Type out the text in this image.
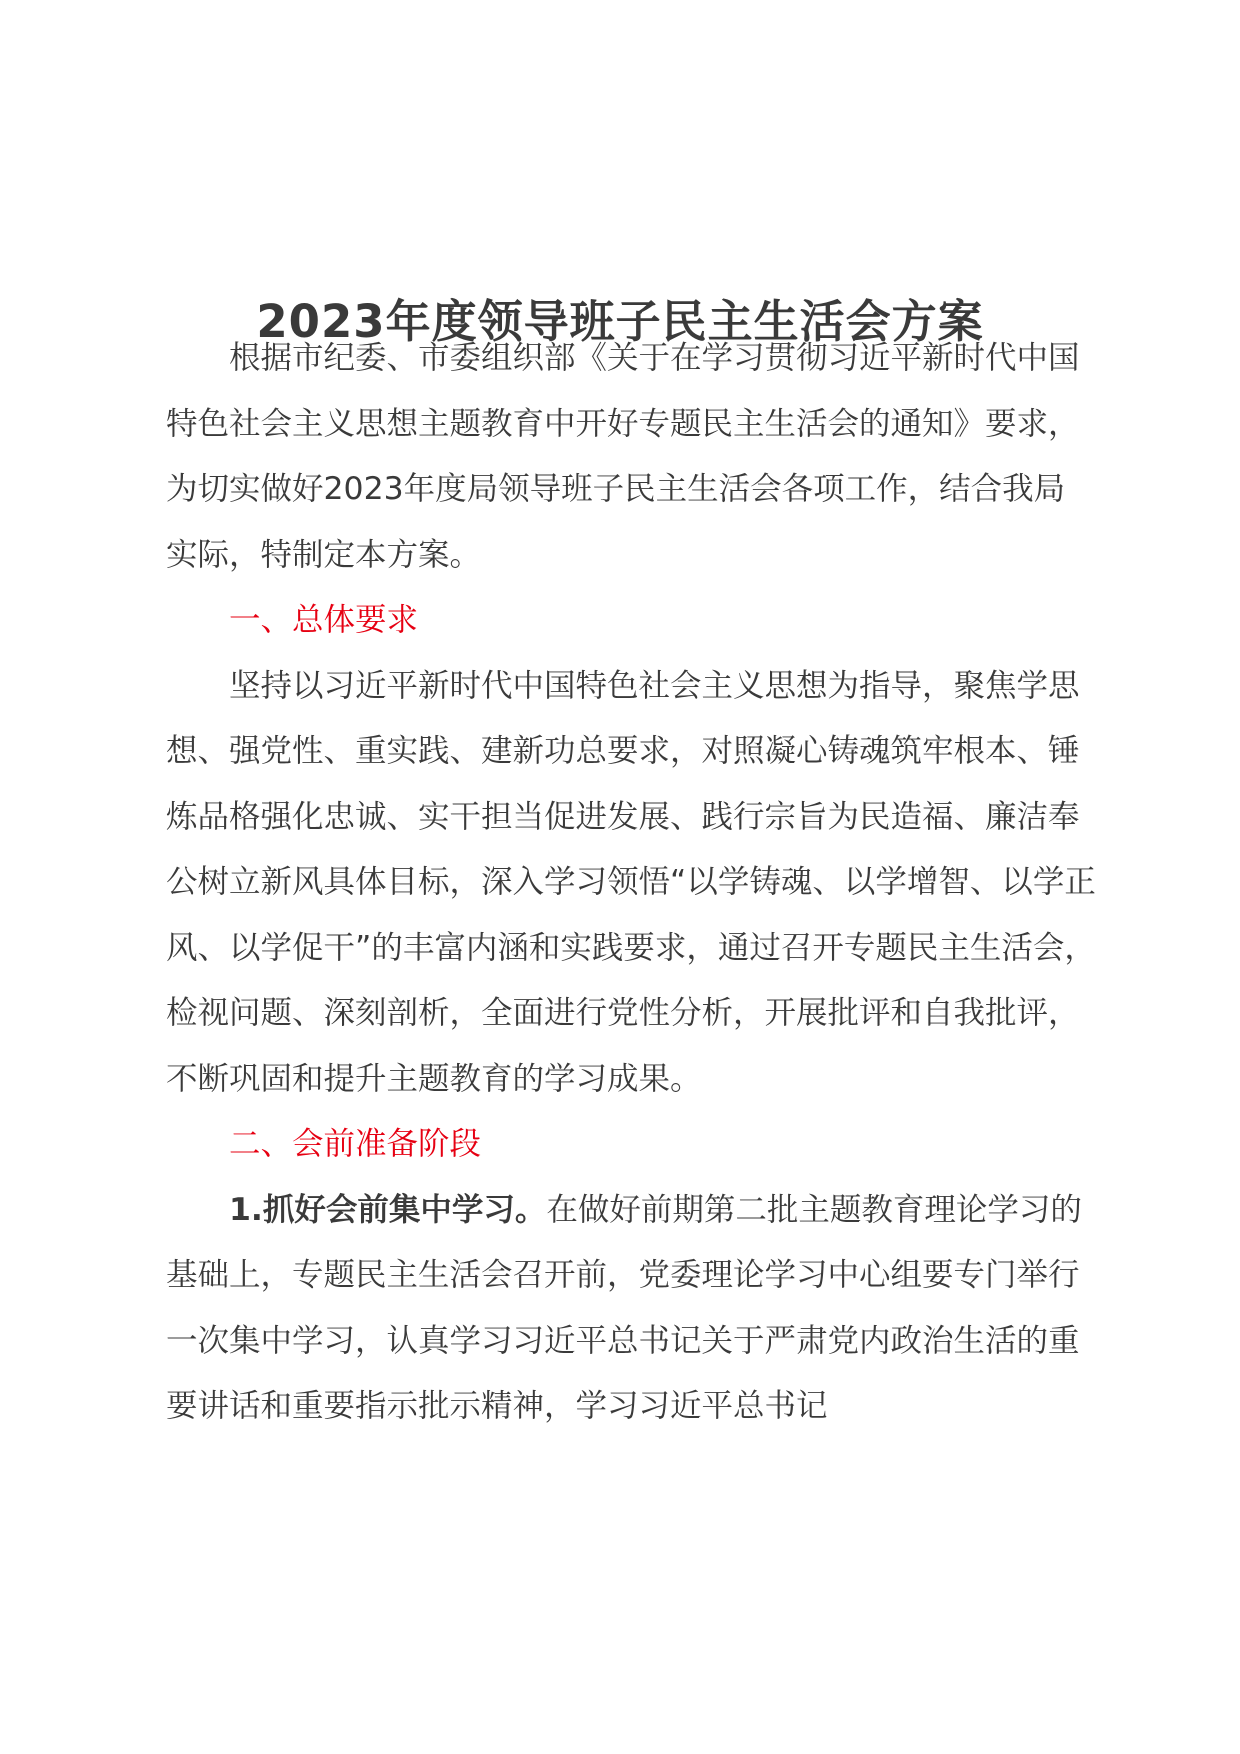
2023年度领导班子民主生活会方案

根据市纪委、市委组织部《关于在学习贯彻习近平新时代中国特色社会主义思想主题教育中开好专题民主生活会的通知》要求，为切实做好2023年度局领导班子民主生活会各项工作，结合我局实际，特制定本方案。

一、总体要求

坚持以习近平新时代中国特色社会主义思想为指导，聚焦学思想、强党性、重实践、建新功总要求，对照凝心铸魂筑牢根本、锤炼品格强化忠诚、实干担当促进发展、践行宗旨为民造福、廉洁奉公树立新风具体目标，深入学习领悟“以学铸魂、以学增智、以学正风、以学促干”的丰富内涵和实践要求，通过召开专题民主生活会，检视问题、深刻剖析，全面进行党性分析，开展批评和自我批评，不断巩固和提升主题教育的学习成果。

二、会前准备阶段

1.抓好会前集中学习。在做好前期第二批主题教育理论学习的基础上，专题民主生活会召开前，党委理论学习中心组要专门举行一次集中学习，认真学习习近平总书记关于严肃党内政治生活的重要讲话和重要指示批示精神，学习习近平总书记
